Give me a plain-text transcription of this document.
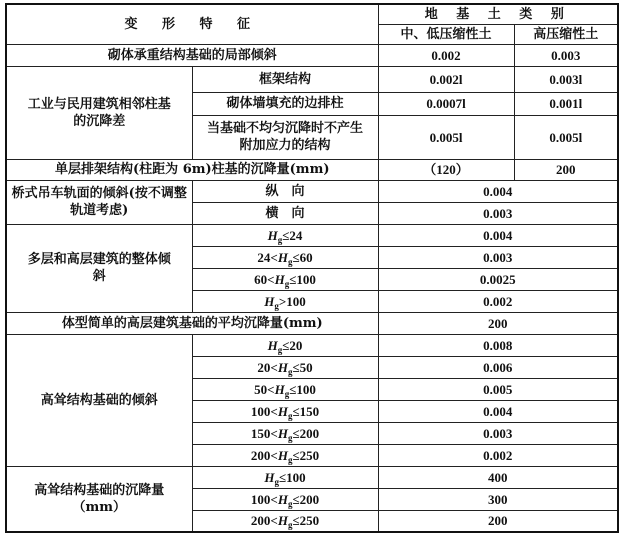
变 形 特 征		地 基 土 类 别	
		中、低压缩性土	高压缩性土
砌体承重结构基础的局部倾斜		0.002	0.003
工业与民用建筑相邻柱基的沉降差	框架结构	0.002l	0.003l
	砌体墙填充的边排柱	0.0007l	0.001l
	当基础不均匀沉降时不产生附加应力的结构	0.005l	0.005l
单层排架结构(柱距为 6m)柱基的沉降量(mm)		（120）	200
桥式吊车轨面的倾斜(按不调整轨道考虑)	纵　向	0.004	
	横　向	0.003	
多层和高层建筑的整体倾斜	$H_g\le 24$	0.004	
	$24<H_g\le 60$	0.003	
	$60<H_g\le 100$	0.0025	
	$H_g>100$	0.002	
体型简单的高层建筑基础的平均沉降量(mm)		200	
高耸结构基础的倾斜	$H_g\le 20$	0.008	
	$20<H_g\le 50$	0.006	
	$50<H_g\le 100$	0.005	
	$100<H_g\le 150$	0.004	
	$150<H_g\le 200$	0.003	
	$200<H_g\le 250$	0.002	
高耸结构基础的沉降量（mm）	$H_g\le 100$	400	
	$100<H_g\le 200$	300	
	$200<H_g\le 250$	200	
